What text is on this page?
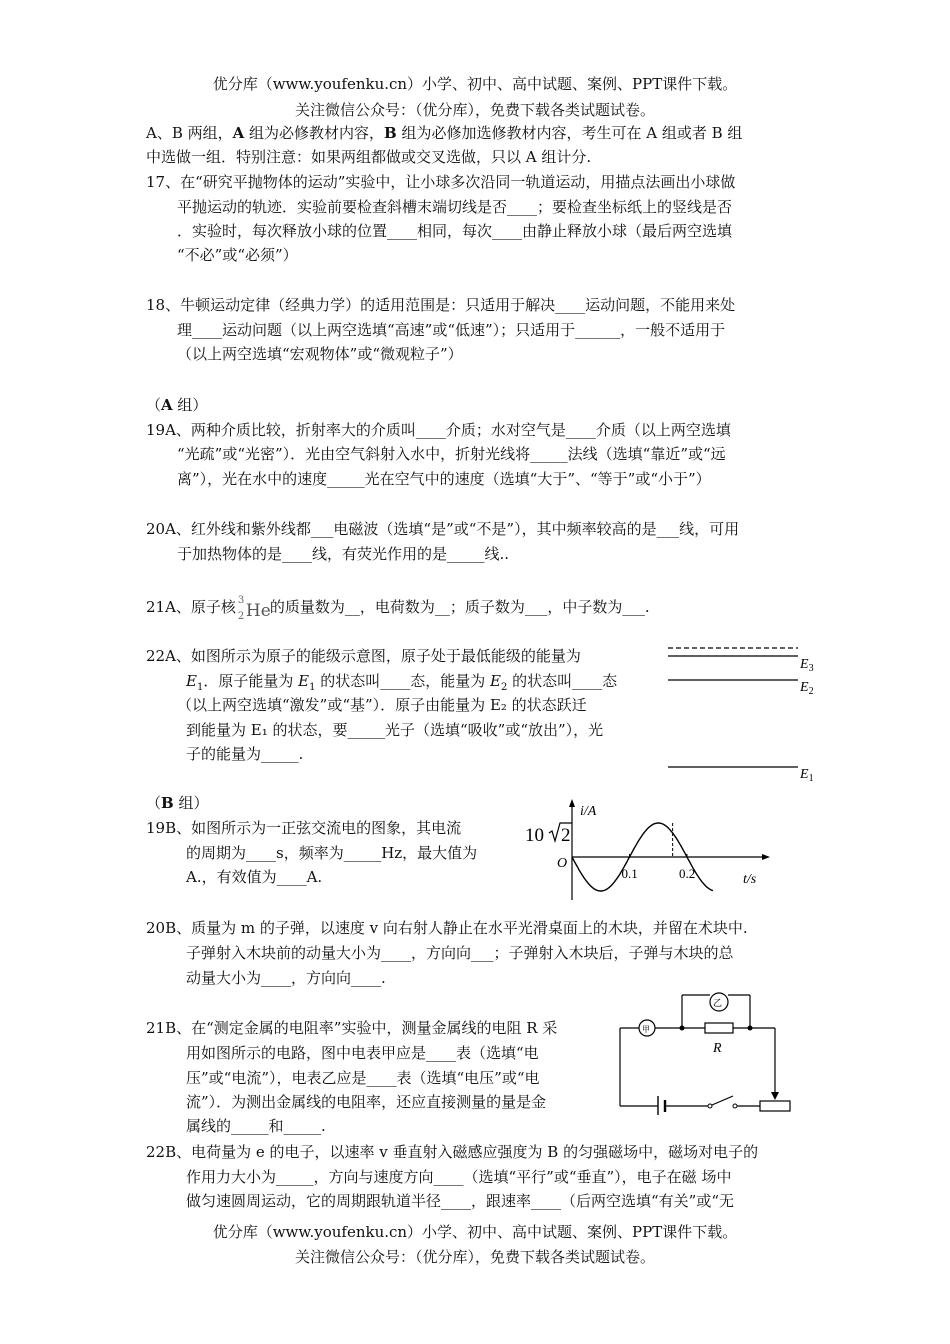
优分库（www.youfenku.cn）小学、初中、高中试题、案例、PPT课件下载。
关注微信公众号：（优分库），免费下载各类试题试卷。
A、B 两组，A 组为必修教材内容，B 组为必修加选修教材内容，考生可在 A 组或者 B 组
中选做一组．特别注意：如果两组都做或交叉选做，只以 A 组计分.
17、在“研究平抛物体的运动”实验中，让小球多次沿同一轨道运动，用描点法画出小球做
平抛运动的轨迹．实验前要检查斜槽末端切线是否____；要检查坐标纸上的竖线是否
．实验时，每次释放小球的位置____相同，每次____由静止释放小球（最后两空选填
“不必”或“必须”）
18、牛顿运动定律（经典力学）的适用范围是：只适用于解决____运动问题，不能用来处
理____运动问题（以上两空选填“高速”或“低速”）；只适用于______，一般不适用于
（以上两空选填“宏观物体”或“微观粒子”）
（A 组）
19A、两种介质比较，折射率大的介质叫____介质；水对空气是____介质（以上两空选填
“光疏”或“光密”）．光由空气斜射入水中，折射光线将_____法线（选填“靠近”或“远
离”），光在水中的速度_____光在空气中的速度（选填“大于”、“等于”或“小于”）
20A、红外线和紫外线都___电磁波（选填“是”或“不是”），其中频率较高的是___线，可用
于加热物体的是____线，有荧光作用的是_____线..
21A、原子核 3
2 He 的质量数为__，电荷数为__；质子数为___，中子数为___.
22A、如图所示为原子的能级示意图，原子处于最低能级的能量为
$E_1$．原子能量为 $E_1$ 的状态叫____态，能量为 $E_2$ 的状态叫____态
（以上两空选填“激发”或“基”）．原子由能量为 E₂ 的状态跃迁
到能量为 E₁ 的状态，要_____光子（选填“吸收”或“放出”），光
子的能量为_____.
$E_3$
$E_2$
$E_1$
（B 组）
19B、如图所示为一正弦交流电的图象，其电流
的周期为____s，频率为_____Hz，最大值为
A.，有效值为____A.
i/A
t/s
O
10 2
0.1	0.2
20B、质量为 m 的子弹，以速度 v 向右射人静止在水平光滑桌面上的木块，并留在术块中.
子弹射入木块前的动量大小为____，方向向___；子弹射入木块后，子弹与木块的总
动量大小为____，方向向____.
21B、在“测定金属的电阻率”实验中，测量金属线的电阻 R 采
用如图所示的电路，图中电表甲应是____表（选填“电
压”或“电流”），电表乙应是____表（选填“电压”或“电
流”）．为测出金属线的电阻率，还应直接测量的量是金
属线的_____和_____.
乙
R
甲
22B、电荷量为 e 的电子，以速率 v 垂直射入磁感应强度为 B 的匀强磁场中，磁场对电子的
作用力大小为_____，方向与速度方向____（选填“平行”或“垂直”），电子在磁 场中
做匀速圆周运动，它的周期跟轨道半径____，跟速率____（后两空选填“有关”或“无
优分库（www.youfenku.cn）小学、初中、高中试题、案例、PPT课件下载。
关注微信公众号：（优分库），免费下载各类试题试卷。
